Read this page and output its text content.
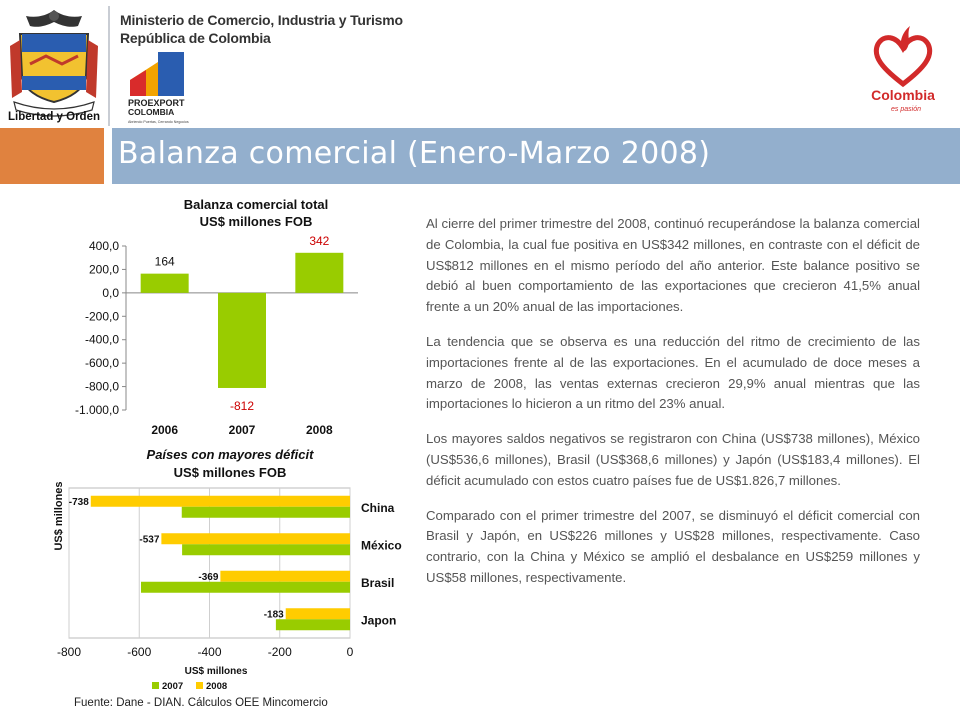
Libertad y Orden
Ministerio de Comercio, Industria y Turismo
República de Colombia
PROEXPORT
COLOMBIA
Abriendo Puertas, Cerrando Negocios
Colombia
es pasión
Balanza comercial (Enero-Marzo 2008)
Balanza comercial total
US$ millones FOB
US$ millones
400,0
200,0
0,0
-200,0
-400,0
-600,0
-800,0
-1.000,0
164
-812
342
2006	2007	2008
Países con mayores déficit
US$ millones FOB
-800	-600	-400	-200	0
-738
-537
-369
-183
China
México
Brasil
Japon
US$ millones
2007 2008

Al cierre del primer trimestre del 2008, continuó recuperándose la balanza comercial de Colombia, la cual fue positiva en US$342 millones, en contraste con el déficit de US$812 millones en el mismo período del año anterior. Este balance positivo se debió al buen comportamiento de las exportaciones que crecieron 41,5% anual frente a un 20% anual de las importaciones.

La tendencia que se observa es una reducción del ritmo de crecimiento de las importaciones frente al de las exportaciones. En el acumulado de doce meses a marzo de 2008, las ventas externas crecieron 29,9% anual mientras que las importaciones lo hicieron a un ritmo del 23% anual.

Los mayores saldos negativos se registraron con China (US$738 millones), México (US$536,6 millones), Brasil (US$368,6 millones) y Japón (US$183,4 millones). El déficit acumulado con estos cuatro países fue de US$1.826,7 millones.

Comparado con el primer trimestre del 2007, se disminuyó el déficit comercial con Brasil y Japón, en US$226 millones y US$28 millones, respectivamente. Caso contrario, con la China y México se amplió el desbalance en US$259 millones y US$58 millones, respectivamente.

Fuente: Dane - DIAN. Cálculos OEE Mincomercio
